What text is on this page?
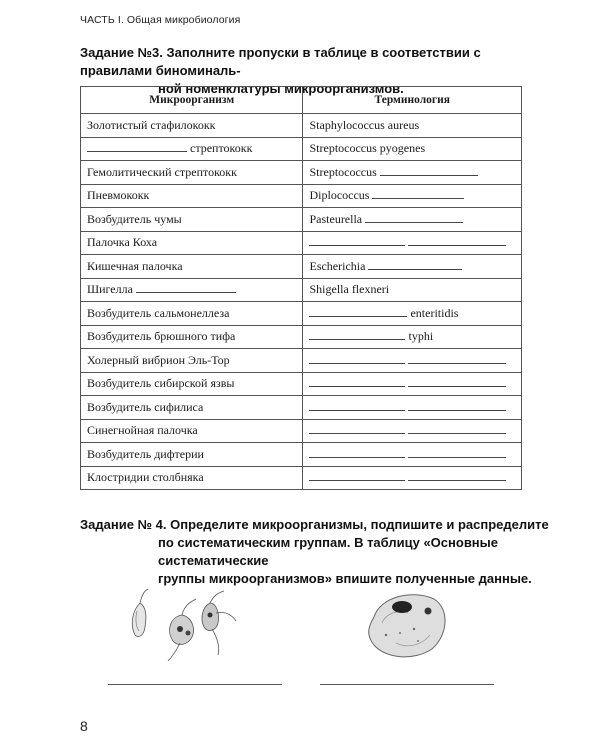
ЧАСТЬ I. Общая микробиология
Задание №3. Заполните пропуски в таблице в соответствии с правилами биноминаль-
ной номенклатуры микроорганизмов.
Микроорганизм	Терминология
Золотистый стафилококк	Staphylococcus aureus
стрептококк	Streptococcus pyogenes
Гемолитический стрептококк	Streptococcus
Пневмококк	Diplococcus
Возбудитель чумы	Pasteurella
Палочка Коха	
Кишечная палочка	Escherichia
Шигелла	Shigella flexneri
Возбудитель сальмонеллеза	enteritidis
Возбудитель брюшного тифа	typhi
Холерный вибрион Эль-Тор	
Возбудитель сибирской язвы	
Возбудитель сифилиса	
Синегнойная палочка	
Возбудитель дифтерии	
Клостридии столбняка	
Задание № 4. Определите микроорганизмы, подпишите и распределите
по систематическим группам. В таблицу «Основные систематические
группы микроорганизмов» впишите полученные данные.
8
